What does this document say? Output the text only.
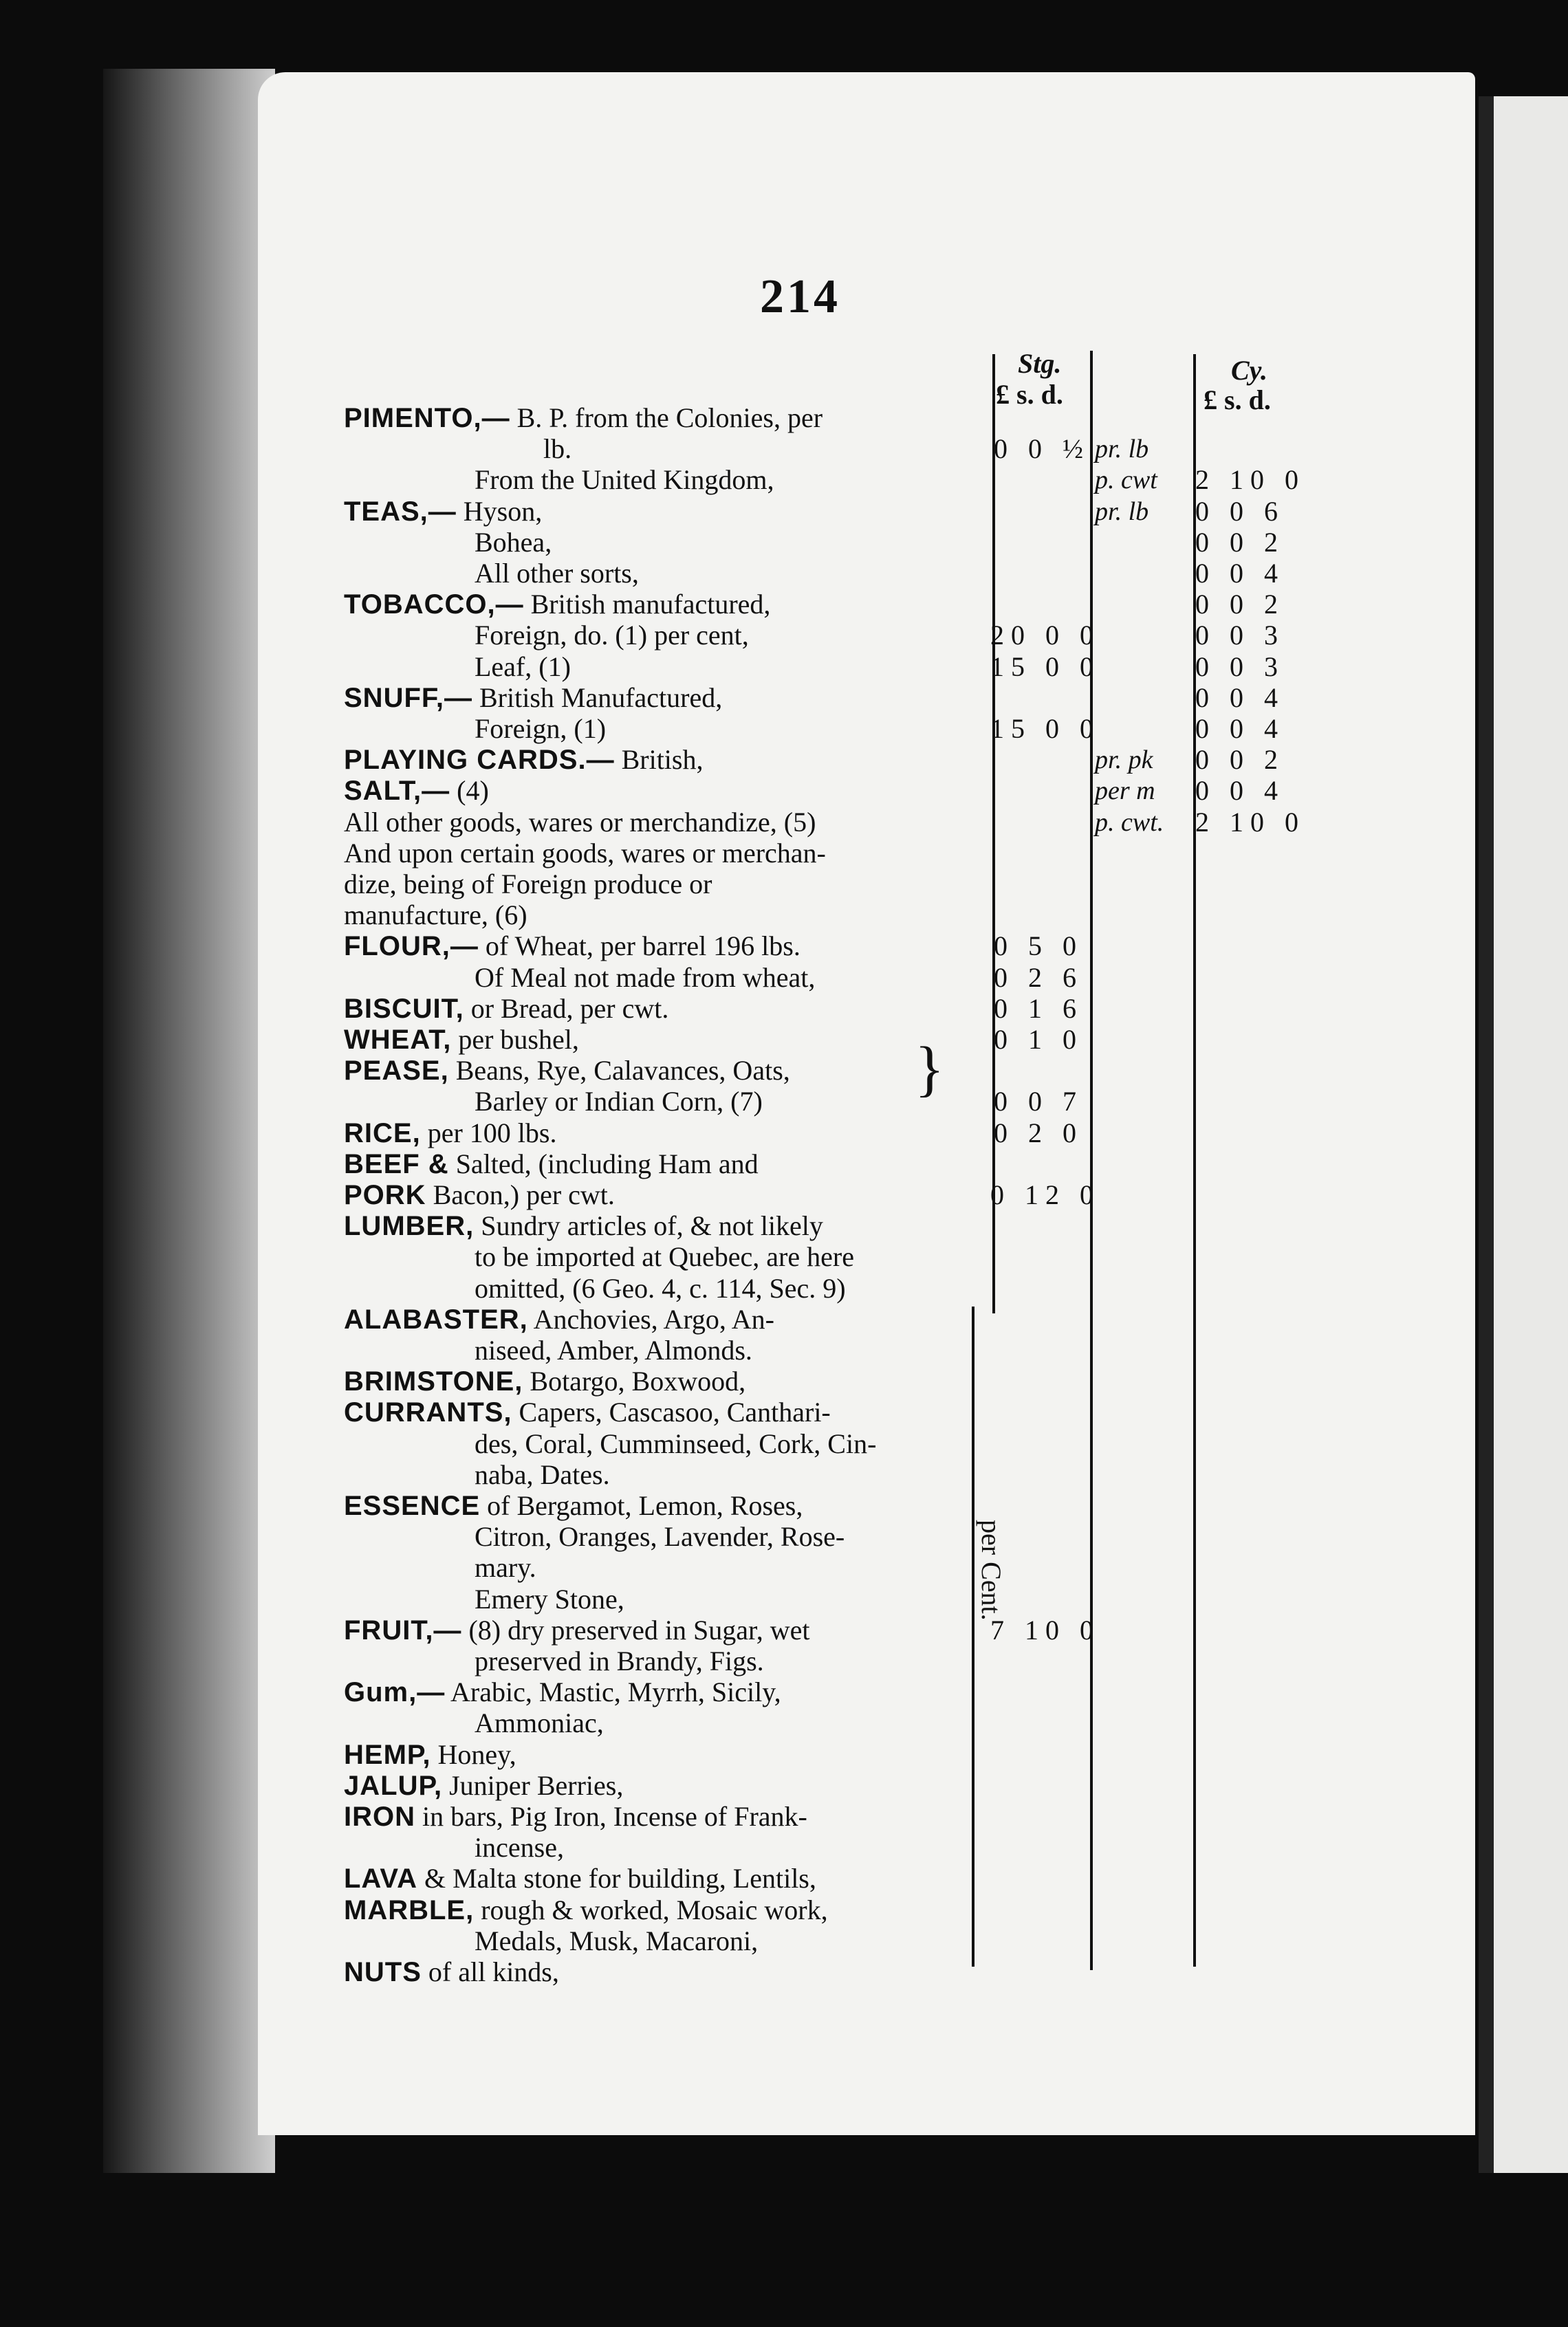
214
Stg.
£ s. d.
Cy.
£ s. d.
per Cent.
}
PIMENTO,— B. P. from the Colonies, per
lb.	0 0 ½ pr. lb
From the United Kingdom,	p. cwt 2 10 0
TEAS,— Hyson,	pr. lb 0 0 6
Bohea,	0 0 2
All other sorts,	0 0 4
TOBACCO,— British manufactured,	0 0 2
Foreign, do. (1) per cent,	20 0 0	0 0 3
Leaf, (1)	15 0 0	0 0 3
SNUFF,— British Manufactured,	0 0 4
Foreign, (1)	15 0 0	0 0 4
PLAYING CARDS.— British,	pr. pk 0 0 2
SALT,— (4)	per m 0 0 4
All other goods, wares or merchandize, (5)	p. cwt. 2 10 0
And upon certain goods, wares or merchan-
dize, being of Foreign produce or
manufacture, (6)
FLOUR,— of Wheat, per barrel 196 lbs.	0 5 0
Of Meal not made from wheat,	0 2 6
BISCUIT, or Bread, per cwt.	0 1 6
WHEAT, per bushel,	0 1 0
PEASE, Beans, Rye, Calavances, Oats,
Barley or Indian Corn, (7)	0 0 7
RICE, per 100 lbs.	0 2 0
BEEF & Salted, (including Ham and
PORK Bacon,) per cwt.	0 12 0
LUMBER, Sundry articles of, & not likely
to be imported at Quebec, are here
omitted, (6 Geo. 4, c. 114, Sec. 9)
ALABASTER, Anchovies, Argo, An-
niseed, Amber, Almonds.
BRIMSTONE, Botargo, Boxwood,
CURRANTS, Capers, Cascasoo, Canthari-
des, Coral, Cumminseed, Cork, Cin-
naba, Dates.
ESSENCE of Bergamot, Lemon, Roses,
Citron, Oranges, Lavender, Rose-
mary.
Emery Stone,
FRUIT,— (8) dry preserved in Sugar, wet	7 10 0
preserved in Brandy, Figs.
Gum,— Arabic, Mastic, Myrrh, Sicily,
Ammoniac,
HEMP, Honey,
JALUP, Juniper Berries,
IRON in bars, Pig Iron, Incense of Frank-
incense,
LAVA & Malta stone for building, Lentils,
MARBLE, rough & worked, Mosaic work,
Medals, Musk, Macaroni,
NUTS of all kinds,
